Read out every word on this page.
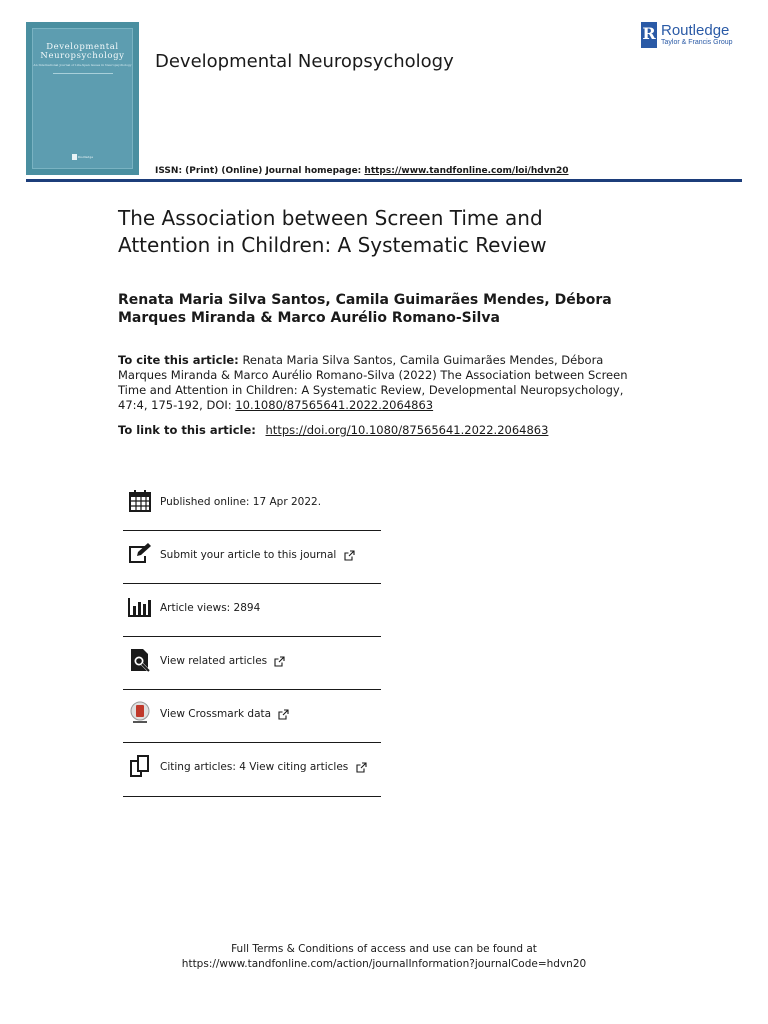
Developmental
Neuropsychology
An International Journal of Life-Span Issues in Neuropsychology
Routledge
Developmental Neuropsychology
R Routledge
Taylor & Francis Group
ISSN: (Print) (Online) Journal homepage: https://www.tandfonline.com/loi/hdvn20
The Association between Screen Time and Attention in Children: A Systematic Review

Renata Maria Silva Santos, Camila Guimarães Mendes, Débora Marques Miranda & Marco Aurélio Romano-Silva

To cite this article: Renata Maria Silva Santos, Camila Guimarães Mendes, Débora Marques Miranda & Marco Aurélio Romano-Silva (2022) The Association between Screen Time and Attention in Children: A Systematic Review, Developmental Neuropsychology, 47:4, 175-192, DOI: 10.1080/87565641.2022.2064863

To link to this article: https://doi.org/10.1080/87565641.2022.2064863

Published online: 17 Apr 2022.
Submit your article to this journal
Article views: 2894
View related articles
View Crossmark data
Citing articles: 4 View citing articles
Full Terms & Conditions of access and use can be found at
https://www.tandfonline.com/action/journalInformation?journalCode=hdvn20
